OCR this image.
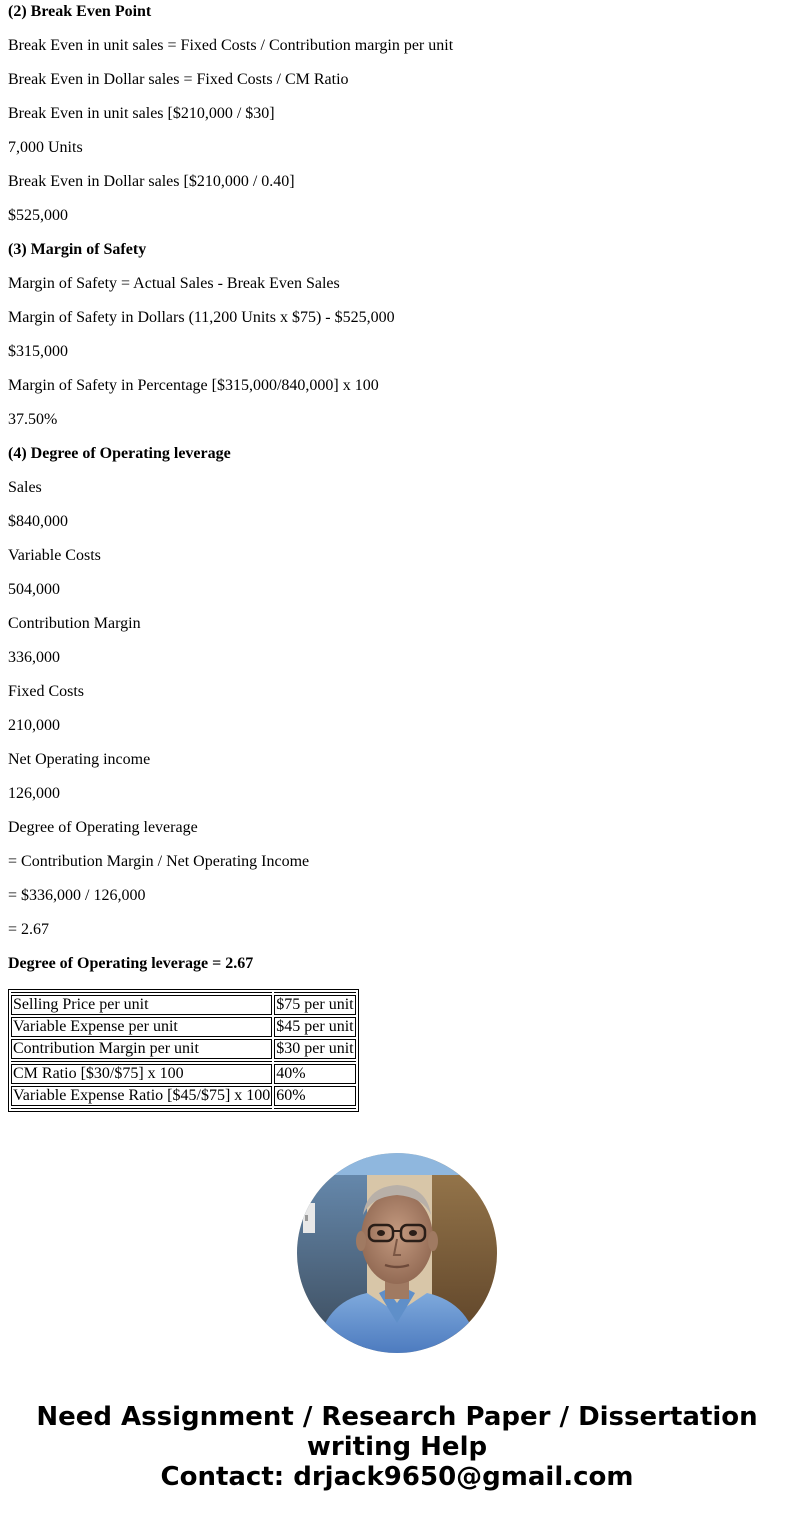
(2) Break Even Point
Break Even in unit sales = Fixed Costs / Contribution margin per unit
Break Even in Dollar sales = Fixed Costs / CM Ratio
Break Even in unit sales [$210,000 / $30]
7,000 Units
Break Even in Dollar sales [$210,000 / 0.40]
$525,000
(3) Margin of Safety
Margin of Safety = Actual Sales - Break Even Sales
Margin of Safety in Dollars (11,200 Units x $75) - $525,000
$315,000
Margin of Safety in Percentage [$315,000/840,000] x 100
37.50%
(4) Degree of Operating leverage
Sales
$840,000
Variable Costs
504,000
Contribution Margin
336,000
Fixed Costs
210,000
Net Operating income
126,000
Degree of Operating leverage
= Contribution Margin / Net Operating Income
= $336,000 / 126,000
= 2.67
Degree of Operating leverage = 2.67

Selling Price per unit	$75 per unit
Variable Expense per unit	$45 per unit
Contribution Margin per unit	$30 per unit

CM Ratio [$30/$75] x 100	40%
Variable Expense Ratio [$45/$75] x 100	60%

Need Assignment / Research Paper / Dissertation
writing Help
Contact: drjack9650@gmail.com
